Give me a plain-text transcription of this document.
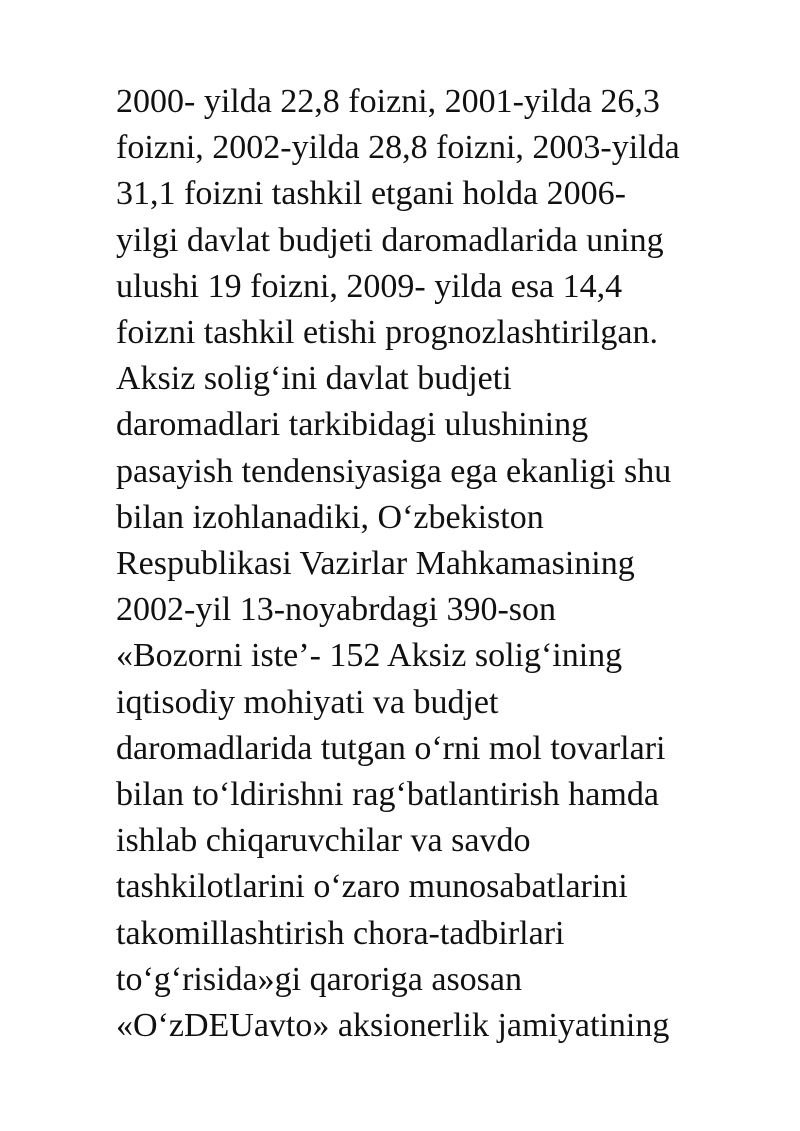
2000- yilda 22,8 foizni, 2001-yilda 26,3
foizni, 2002-yilda 28,8 foizni, 2003-yilda
31,1 foizni tashkil etgani holda 2006-
yilgi davlat budjeti daromadlarida uning
ulushi 19 foizni, 2009- yilda esa 14,4
foizni tashkil etishi prognozlashtirilgan.
Aksiz solig‘ini davlat budjeti
daromadlari tarkibidagi ulushining
pasayish tendensiyasiga ega ekanligi shu
bilan izohlanadiki, O‘zbekiston
Respublikasi Vazirlar Mahkamasining
2002-yil 13-noyabrdagi 390-son
«Bozorni iste’- 152 Aksiz solig‘ining
iqtisodiy mohiyati va budjet
daromadlarida tutgan o‘rni mol tovarlari
bilan to‘ldirishni rag‘batlantirish hamda
ishlab chiqaruvchilar va savdo
tashkilotlarini o‘zaro munosabatlarini
takomillashtirish chora-tadbirlari
to‘g‘risida»gi qaroriga asosan
«O‘zDEUavto» aksionerlik jamiyatining
